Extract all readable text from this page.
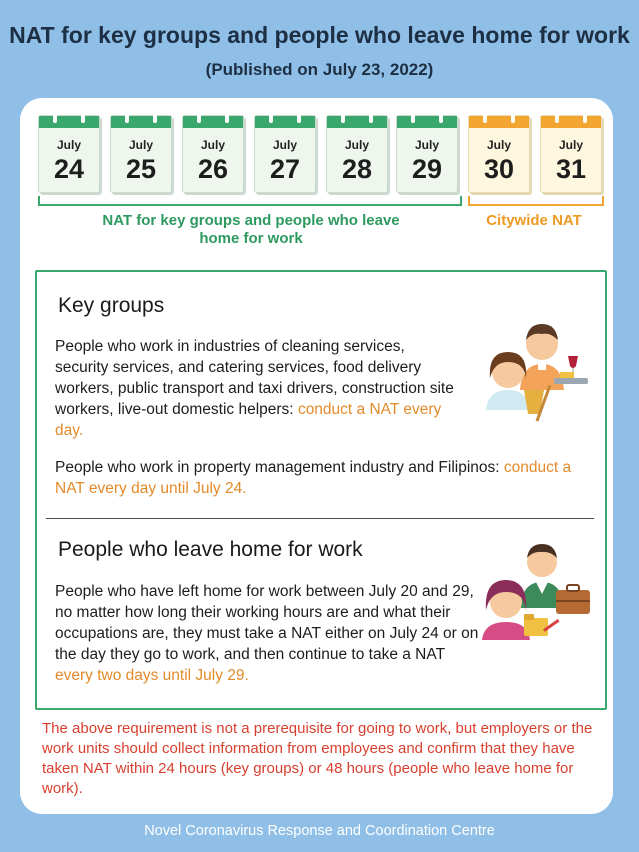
NAT for key groups and people who leave home for work
(Published on July 23, 2022)
July
24
July
25
July
26
July
27
July
28
July
29
July
30
July
31
NAT for key groups and people who leave home for work
Citywide NAT
Key groups
People who work in industries of cleaning services, security services, and catering services, food delivery workers, public transport and taxi drivers, construction site workers, live-out domestic helpers: conduct a NAT every day.
People who work in property management industry and Filipinos: conduct a NAT every day until July 24.
People who leave home for work
People who have left home for work between July 20 and 29, no matter how long their working hours are and what their occupations are, they must take a NAT either on July 24 or on the day they go to work, and then continue to take a NAT every two days until July 29.
The above requirement is not a prerequisite for going to work, but employers or the work units should collect information from employees and confirm that they have taken NAT within 24 hours (key groups) or 48 hours (people who leave home for work).
Novel Coronavirus Response and Coordination Centre
